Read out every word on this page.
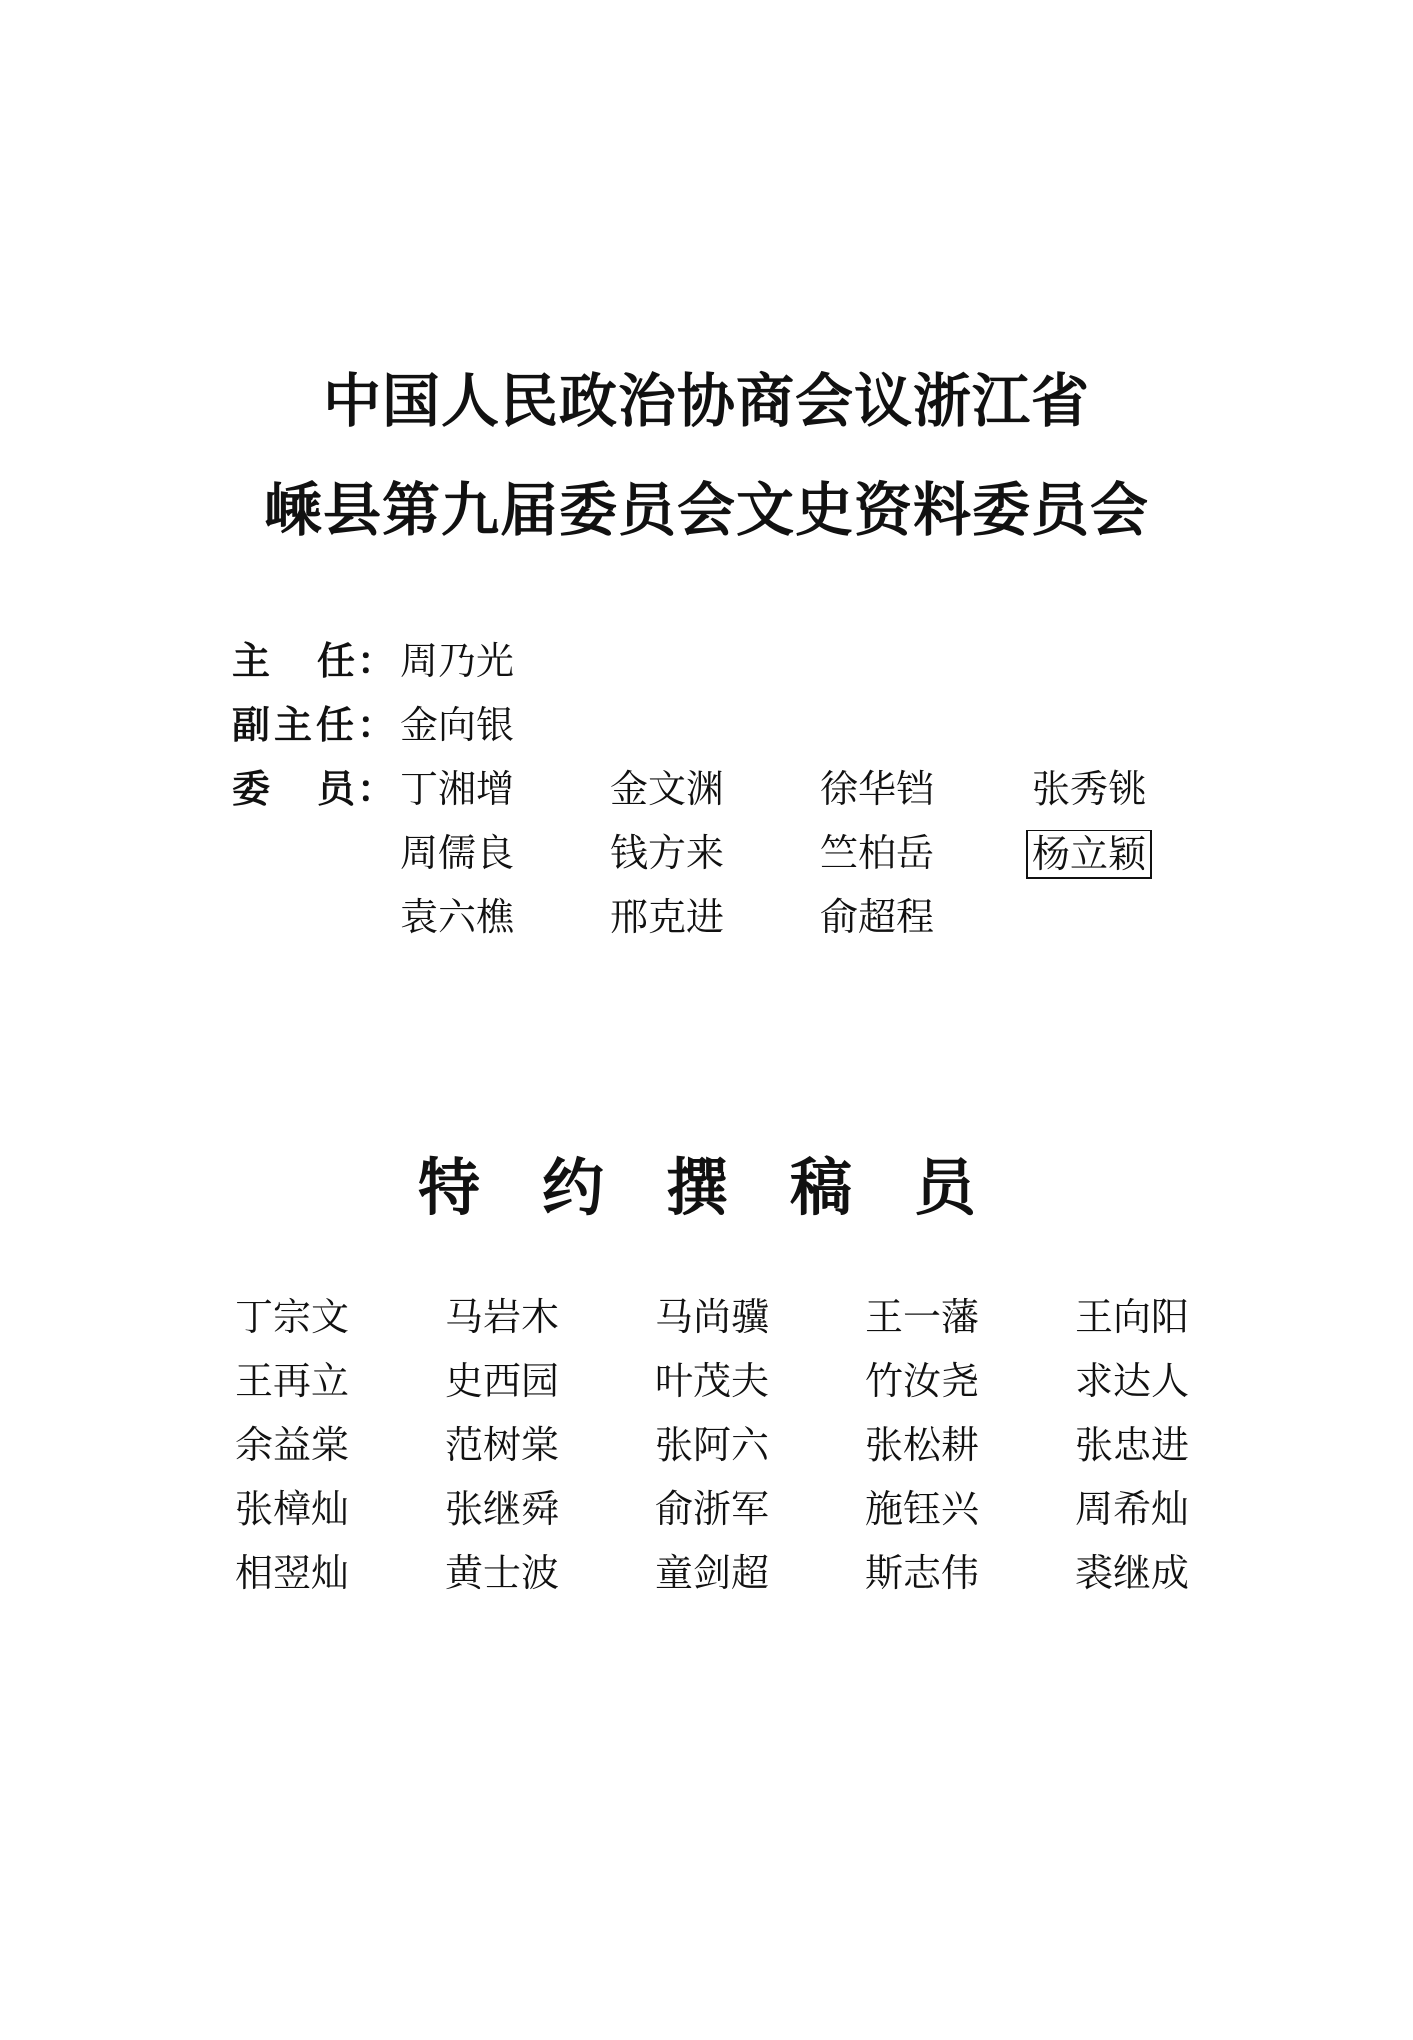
中国人民政治协商会议浙江省
嵊县第九届委员会文史资料委员会
主 任 ： 周乃光
副 主 任 ： 金向银
委 员 ： 丁湘增	金文渊	徐华铛	张秀铫
周儒良	钱方来	竺柏岳	杨立颖
袁六樵	邢克进	俞超程
特 约 撰 稿 员
丁宗文	马岩木	马尚骥	王一藩	王向阳
王再立	史西园	叶茂夫	竹汝尧	求达人
余益棠	范树棠	张阿六	张松耕	张忠进
张樟灿	张继舜	俞浙军	施钰兴	周希灿
相翌灿	黄士波	童剑超	斯志伟	裘继成
